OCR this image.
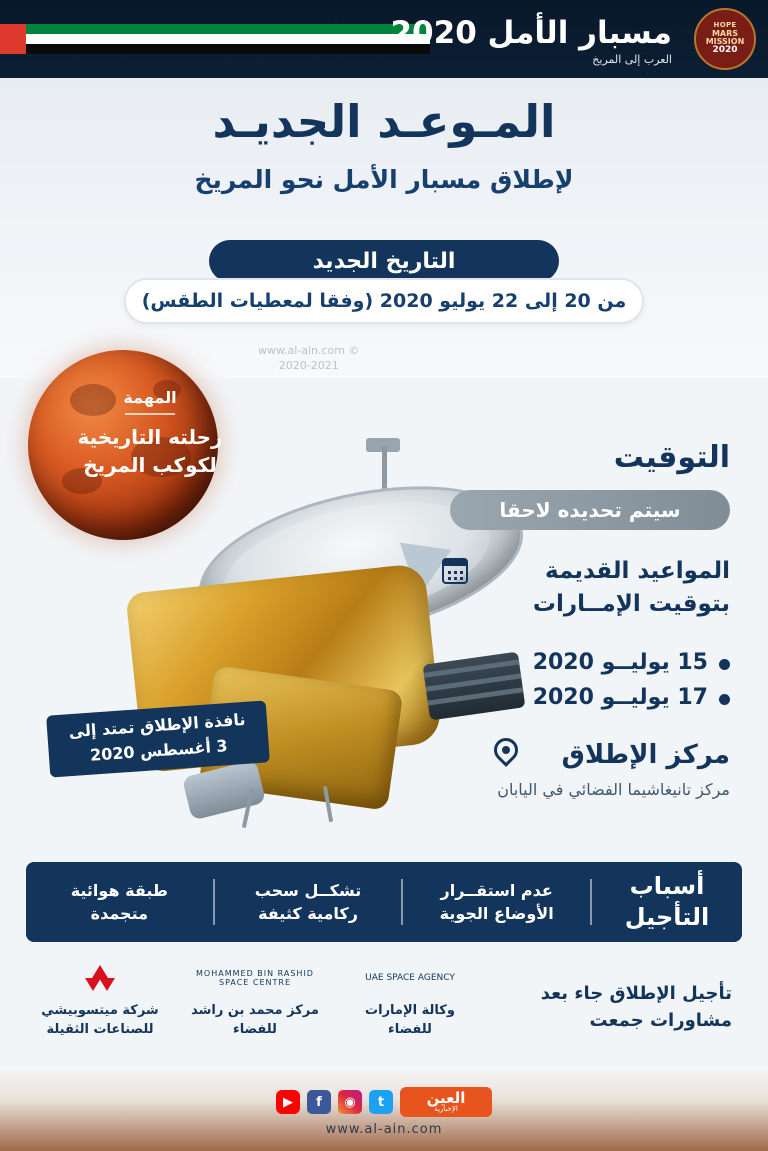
مسبار الأمل 2020
العرب إلى المريخ
HOPE
MARS MISSION
2020
المـوعـد الجديـد
لإطلاق مسبار الأمل نحو المريخ
التاريخ الجديد
من 20 إلى 22 يوليو 2020 (وفقا لمعطيات الطقس)
المهمة
رحلته التاريخية
لكوكب المريخ
© www.al-ain.com
2020-2021
نافذة الإطلاق تمتد إلى
3 أغسطس 2020
التوقيت
سيتم تحديده لاحقا
المواعيد القديمة
بتوقيت الإمــارات
15 يوليــو 2020
17 يوليــو 2020
مركز الإطلاق
مركز تانيغاشيما الفضائي في اليابان
أسباب
التأجيل
عدم استقــرار
الأوضاع الجوية
تشكــل سحب
ركامية كثيفة
طبقة هوائية
متجمدة
تأجيل الإطلاق جاء بعد
مشاورات جمعت
UAE SPACE AGENCY
وكالة الإمارات
للفضاء
MOHAMMED BIN RASHID SPACE CENTRE
مركز محمد بن راشد
للفضاء
شركة ميتسوبيشي
للصناعات الثقيلة
▶	f	◉	t	العين
الإخبارية
www.al-ain.com
